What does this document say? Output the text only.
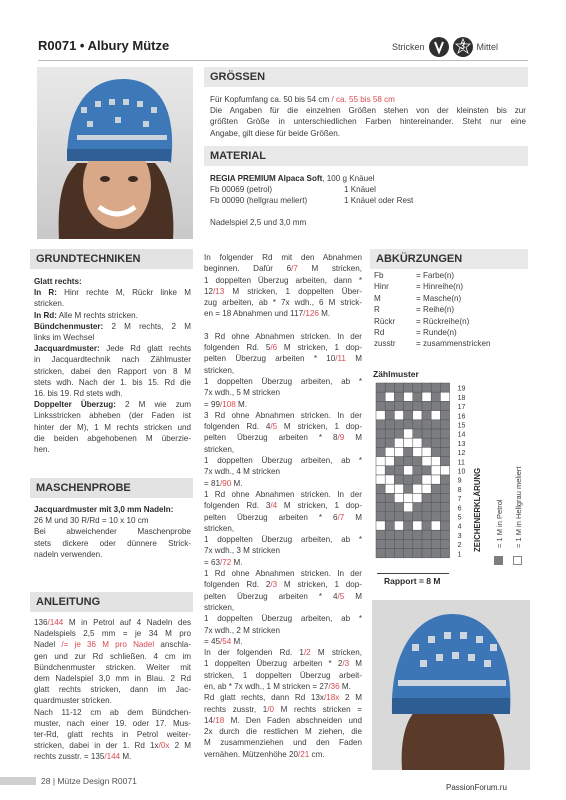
R0071 • Albury Mütze	Stricken	3	Mittel
GRÖSSEN
Für Kopfumfang ca. 50 bis 54 cm / ca. 55 bis 58 cm
Die Angaben für die einzelnen Größen stehen von der kleinsten bis zur
größten Größe in unterschiedlichen Farben hintereinander. Steht nur eine
Angabe, gilt diese für beide Größen.
MATERIAL
REGIA PREMIUM Alpaca Soft, 100 g Knäuel
Fb 00069 (petrol)	1 Knäuel
Fb 00090 (hellgrau meliert)	1 Knäuel oder Rest
Nadelspiel 2,5 und 3,0 mm
GRUNDTECHNIKEN
Glatt rechts:
In R: Hinr rechte M, Rückr linke M
stricken.
In Rd: Alle M rechts stricken.
Bündchenmuster: 2 M rechts, 2 M
links im Wechsel
Jacquardmuster: Jede Rd glatt rechts
in Jacquardtechnik nach Zählmuster
stricken, dabei den Rapport von 8 M
stets wdh. Nach der 1. bis 15. Rd die
16. bis 19. Rd stets wdh.
Doppelter Überzug: 2 M wie zum
Linksstricken abheben (der Faden ist
hinter der M), 1 M rechts stricken und
die beiden abgehobenen M überzie-
hen.
MASCHENPROBE
Jacquardmuster mit 3,0 mm Nadeln:
26 M und 30 R/Rd = 10 x 10 cm
Bei abweichender Maschenprobe
stets dickere oder dünnere Strick-
nadeln verwenden.
ANLEITUNG
136/144 M in Petrol auf 4 Nadeln des
Nadelspiels 2,5 mm = je 34 M pro
Nadel /= je 36 M pro Nadel anschla-
gen und zur Rd schließen. 4 cm im
Bündchenmuster stricken. Weiter mit
dem Nadelspiel 3,0 mm in Blau. 2 Rd
glatt rechts stricken, dann im Jac-
quardmuster stricken.
Nach 11-12 cm ab dem Bündchen-
muster, nach einer 19. oder 17. Mus-
ter-Rd, glatt rechts in Petrol weiter-
stricken, dabei in der 1. Rd 1x/0x 2 M
rechts zusstr. = 135/144 M.
In folgender Rd mit den Abnahmen
beginnen. Dafür 6/7 M stricken,
1 doppelten Überzug arbeiten, dann *
12/13 M stricken, 1 doppelten Über-
zug arbeiten, ab * 7x wdh., 6 M strick-
en = 18 Abnahmen und 117/126 M.
3 Rd ohne Abnahmen stricken. In der
folgenden Rd. 5/6 M stricken, 1 dop-
pelten Überzug arbeiten * 10/11 M
stricken,
1 doppelten Überzug arbeiten, ab *
7x wdh., 5 M stricken
= 99/108 M.
3 Rd ohne Abnahmen stricken. In der
folgenden Rd. 4/5 M stricken, 1 dop-
pelten Überzug arbeiten * 8/9 M
stricken,
1 doppelten Überzug arbeiten, ab *
7x wdh., 4 M stricken
= 81/90 M.
1 Rd ohne Abnahmen stricken. In der
folgenden Rd. 3/4 M stricken, 1 dop-
pelten Überzug arbeiten * 6/7 M
stricken,
1 doppelten Überzug arbeiten, ab *
7x wdh., 3 M stricken
= 63/72 M.
1 Rd ohne Abnahmen stricken. In der
folgenden Rd. 2/3 M stricken, 1 dop-
pelten Überzug arbeiten * 4/5 M
stricken,
1 doppelten Überzug arbeiten, ab *
7x wdh., 2 M stricken
= 45/54 M.
In der folgenden Rd. 1/2 M stricken,
1 doppelten Überzug arbeiten * 2/3 M
stricken, 1 doppelten Überzug arbeit-
en, ab * 7x wdh., 1 M stricken = 27/36 M.
Rd glatt rechts, dann Rd 13x/18x 2 M
rechts zusstr, 1/0 M rechts stricken =
14/18 M. Den Faden abschneiden und
2x durch die restlichen M ziehen, die
M zusammenziehen und den Faden
vernähen. Mützenhöhe 20/21 cm.
ABKÜRZUNGEN
Fb	= Farbe(n)
Hinr	= Hinreihe(n)
M	= Masche(n)
R	= Reihe(n)
Rückr	= Rückreihe(n)
Rd	= Runde(n)
zusstr	= zusammenstricken
Zählmuster
19
18
17
16
15
14
13
12
11
10
9
8
7
6
5
4
3
2
1
Rapport = 8 M
ZEICHENERKLÄRUNG = 1 M in Petrol = 1 M in Hellgrau meliert
28 | Mütze Design R0071
PassionForum.ru
